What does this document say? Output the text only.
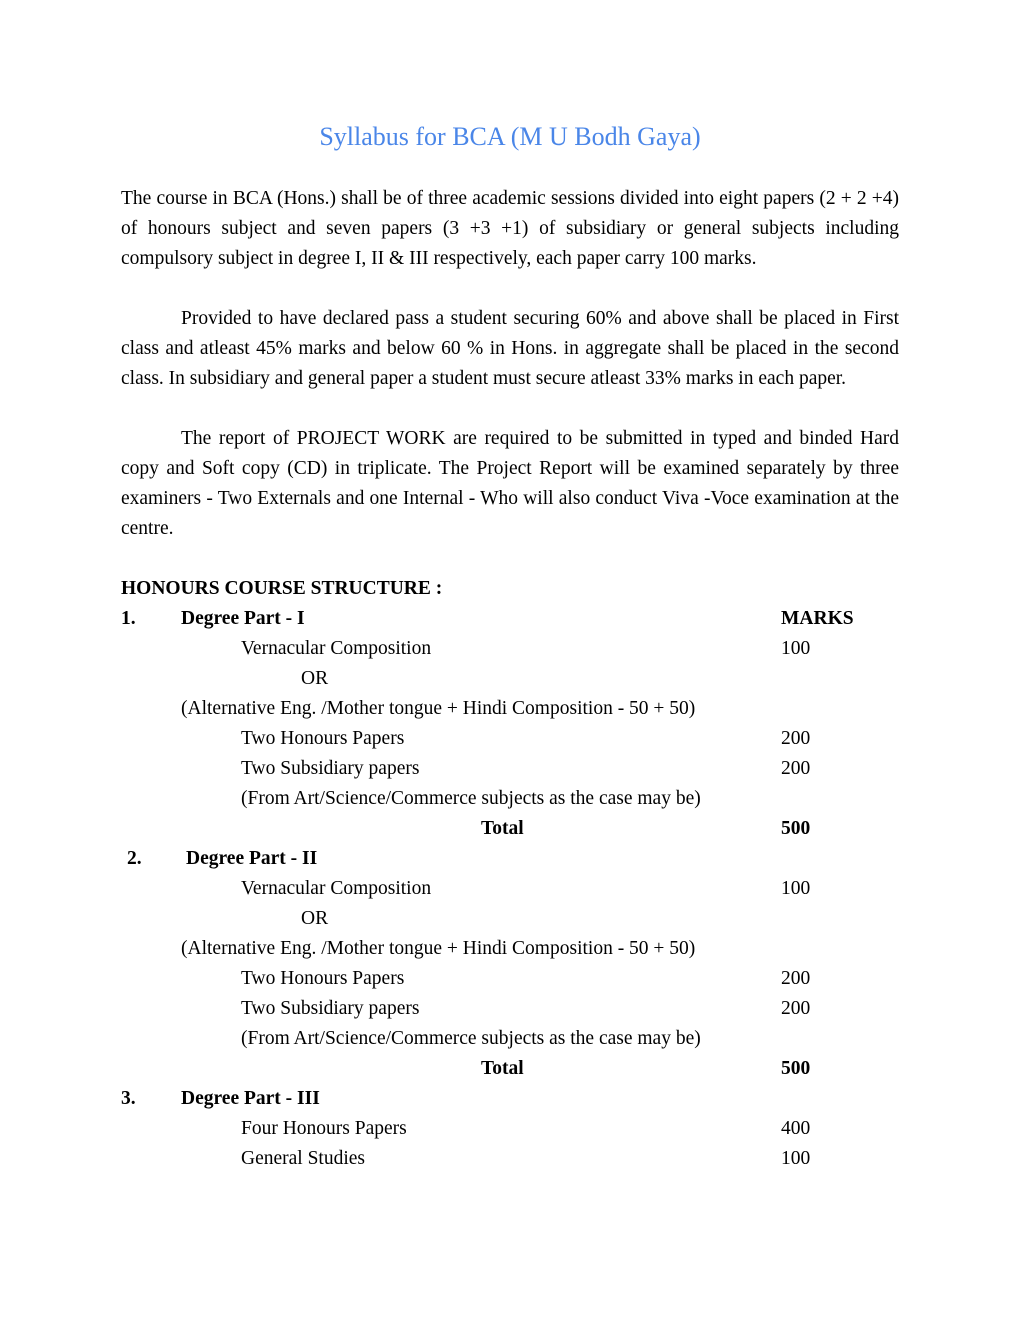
Syllabus for BCA (M U Bodh Gaya)

The course in BCA (Hons.) shall be of three academic sessions divided into eight papers (2 + 2 +4) of honours subject and seven papers (3 +3 +1) of subsidiary or general subjects including compulsory subject in degree I, II & III respectively, each paper carry 100 marks.

Provided to have declared pass a student securing 60% and above shall be placed in First class and atleast 45% marks and below 60 % in Hons. in aggregate shall be placed in the second class. In subsidiary and general paper a student must secure atleast 33% marks in each paper.

The report of PROJECT WORK are required to be submitted in typed and binded Hard copy and Soft copy (CD) in triplicate. The Project Report will be examined separately by three examiners - Two Externals and one Internal - Who will also conduct Viva -Voce examination at the centre.

HONOURS COURSE STRUCTURE :
1. Degree Part - I	MARKS
Vernacular Composition	100
OR
(Alternative Eng. /Mother tongue + Hindi Composition - 50 + 50)
Two Honours Papers	200
Two Subsidiary papers	200
(From Art/Science/Commerce subjects as the case may be)
Total	500
2. Degree Part - II
Vernacular Composition	100
OR
(Alternative Eng. /Mother tongue + Hindi Composition - 50 + 50)
Two Honours Papers	200
Two Subsidiary papers	200
(From Art/Science/Commerce subjects as the case may be)
Total	500
3. Degree Part - III
Four Honours Papers	400
General Studies	100
